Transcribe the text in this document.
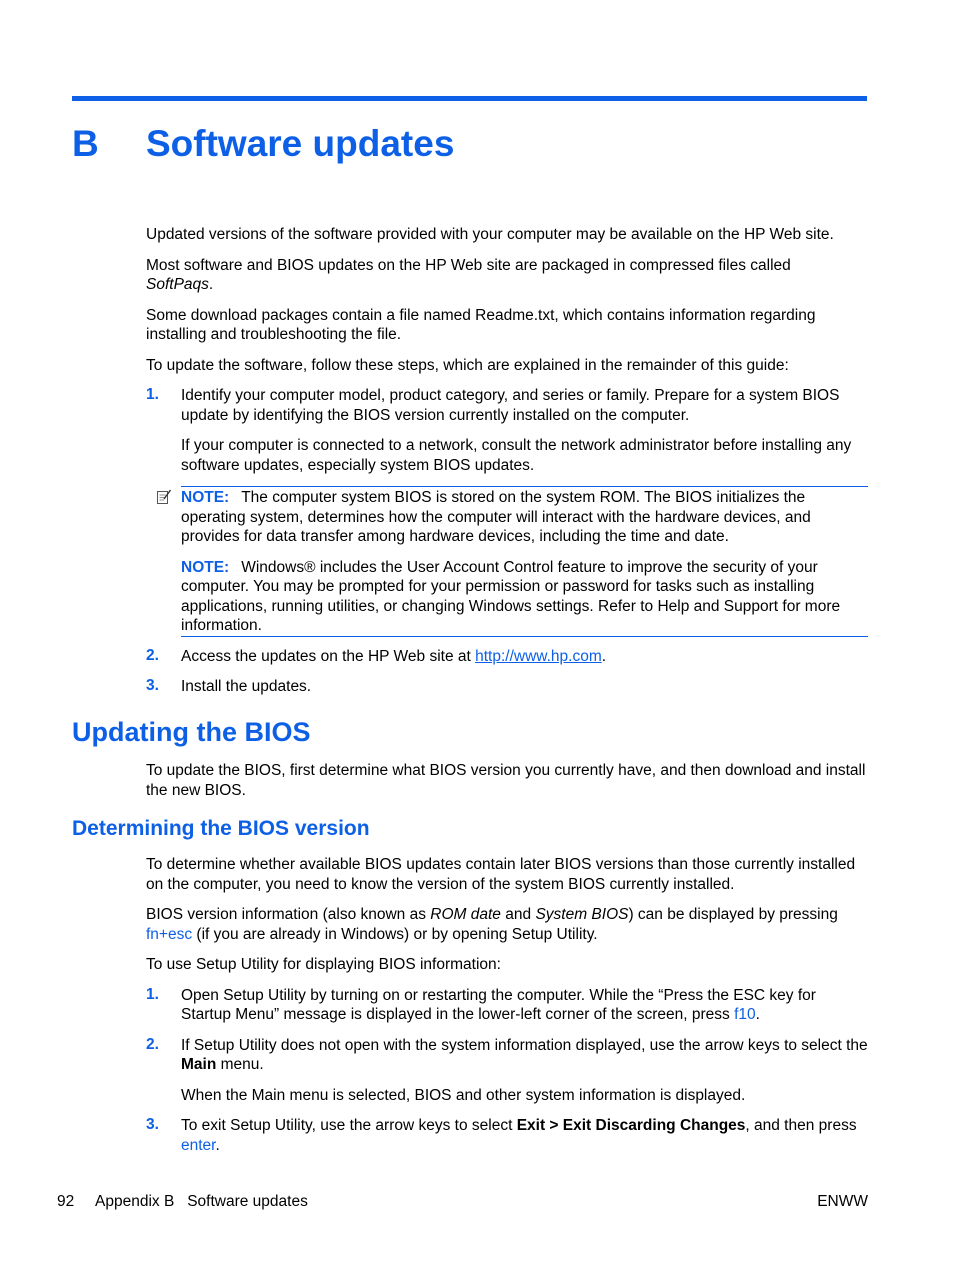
B Software updates

Updated versions of the software provided with your computer may be available on the HP Web site.

Most software and BIOS updates on the HP Web site are packaged in compressed files called
SoftPaqs.

Some download packages contain a file named Readme.txt, which contains information regarding installing and troubleshooting the file.

To update the software, follow these steps, which are explained in the remainder of this guide:

1. Identify your computer model, product category, and series or family. Prepare for a system BIOS update by identifying the BIOS version currently installed on the computer.

If your computer is connected to a network, consult the network administrator before installing any software updates, especially system BIOS updates.

NOTE: The computer system BIOS is stored on the system ROM. The BIOS initializes the operating system, determines how the computer will interact with the hardware devices, and provides for data transfer among hardware devices, including the time and date.

NOTE: Windows® includes the User Account Control feature to improve the security of your computer. You may be prompted for your permission or password for tasks such as installing applications, running utilities, or changing Windows settings. Refer to Help and Support for more information.

2. Access the updates on the HP Web site at http://www.hp.com.

3. Install the updates.

Updating the BIOS

To update the BIOS, first determine what BIOS version you currently have, and then download and install the new BIOS.

Determining the BIOS version

To determine whether available BIOS updates contain later BIOS versions than those currently installed on the computer, you need to know the version of the system BIOS currently installed.

BIOS version information (also known as ROM date and System BIOS) can be displayed by pressing
fn+esc (if you are already in Windows) or by opening Setup Utility.

To use Setup Utility for displaying BIOS information:

1. Open Setup Utility by turning on or restarting the computer. While the “Press the ESC key for Startup Menu” message is displayed in the lower-left corner of the screen, press f10.

2. If Setup Utility does not open with the system information displayed, use the arrow keys to select the Main menu.

When the Main menu is selected, BIOS and other system information is displayed.

3. To exit Setup Utility, use the arrow keys to select Exit > Exit Discarding Changes, and then press
enter.

92 Appendix B   Software updates	ENWW
